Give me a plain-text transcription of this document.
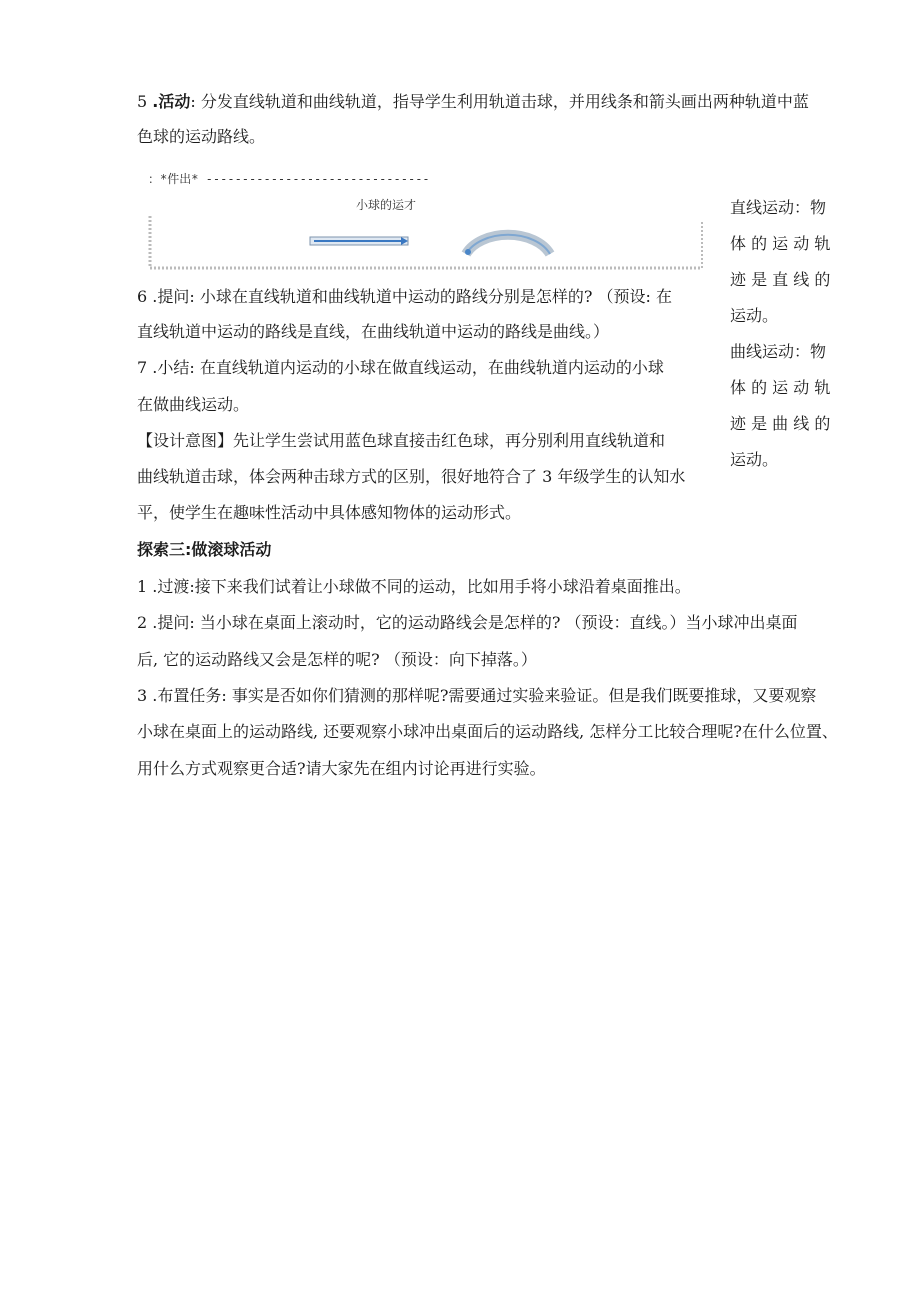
5 .活动: 分发直线轨道和曲线轨道，指导学生利用轨道击球，并用线条和箭头画出两种轨道中蓝
色球的运动路线。
：*件出* -------------------------------
小球的运才	直线运动：物
体 的 运 动 轨
迹 是 直 线 的
运动。
曲线运动：物
体 的 运 动 轨
迹 是 曲 线 的
运动。
6 .提问: 小球在直线轨道和曲线轨道中运动的路线分别是怎样的? （预设: 在
直线轨道中运动的路线是直线，在曲线轨道中运动的路线是曲线。）
7 .小结: 在直线轨道内运动的小球在做直线运动，在曲线轨道内运动的小球
在做曲线运动。
【设计意图】先让学生尝试用蓝色球直接击红色球，再分别利用直线轨道和
曲线轨道击球，体会两种击球方式的区别，很好地符合了 3 年级学生的认知水
平，使学生在趣味性活动中具体感知物体的运动形式。
探索三:做滚球活动
1 .过渡:接下来我们试着让小球做不同的运动，比如用手将小球沿着桌面推出。
2 .提问: 当小球在桌面上滚动时，它的运动路线会是怎样的? （预设：直线。）当小球冲出桌面
后, 它的运动路线又会是怎样的呢? （预设：向下掉落。）
3 .布置任务: 事实是否如你们猜测的那样呢?需要通过实验来验证。但是我们既要推球，又要观察
小球在桌面上的运动路线, 还要观察小球冲出桌面后的运动路线, 怎样分工比较合理呢?在什么位置、
用什么方式观察更合适?请大家先在组内讨论再进行实验。
